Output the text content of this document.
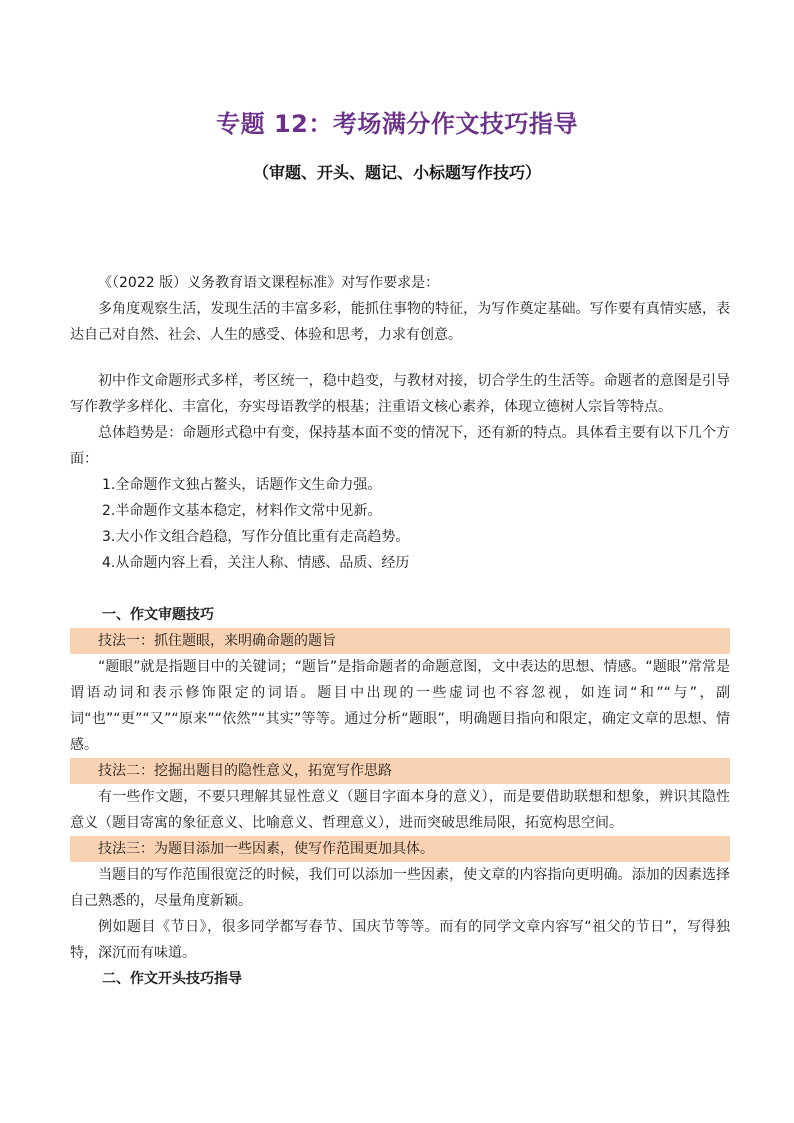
专题 12：考场满分作文技巧指导
（审题、开头、题记、小标题写作技巧）

《（2022 版）义务教育语文课程标准》对写作要求是：

多角度观察生活，发现生活的丰富多彩，能抓住事物的特征，为写作奠定基础。写作要有真情实感，表达自己对自然、社会、人生的感受、体验和思考，力求有创意。

初中作文命题形式多样，考区统一，稳中趋变，与教材对接，切合学生的生活等。命题者的意图是引导写作教学多样化、丰富化，夯实母语教学的根基；注重语文核心素养，体现立德树人宗旨等特点。

总体趋势是：命题形式稳中有变，保持基本面不变的情况下，还有新的特点。具体看主要有以下几个方面：

1.全命题作文独占鳌头，话题作文生命力强。

2.半命题作文基本稳定，材料作文常中见新。

3.大小作文组合趋稳，写作分值比重有走高趋势。

4.从命题内容上看，关注人称、情感、品质、经历

一、作文审题技巧

技法一：抓住题眼，来明确命题的题旨

“题眼”就是指题目中的关键词；“题旨”是指命题者的命题意图，文中表达的思想、情感。“题眼”常常是谓语动词和表示修饰限定的词语。题目中出现的一些虚词也不容忽视，如连词“和”“与”，副词“也”“更”“又”“原来”“依然”“其实”等等。通过分析“题眼”，明确题目指向和限定，确定文章的思想、情感。

技法二：挖掘出题目的隐性意义，拓宽写作思路

有一些作文题，不要只理解其显性意义（题目字面本身的意义），而是要借助联想和想象，辨识其隐性意义（题目寄寓的象征意义、比喻意义、哲理意义），进而突破思维局限，拓宽构思空间。

技法三：为题目添加一些因素，使写作范围更加具体。

当题目的写作范围很宽泛的时候，我们可以添加一些因素，使文章的内容指向更明确。添加的因素选择自己熟悉的，尽量角度新颖。

例如题目《节日》，很多同学都写春节、国庆节等等。而有的同学文章内容写“祖父的节日”，写得独特，深沉而有味道。

二、作文开头技巧指导
